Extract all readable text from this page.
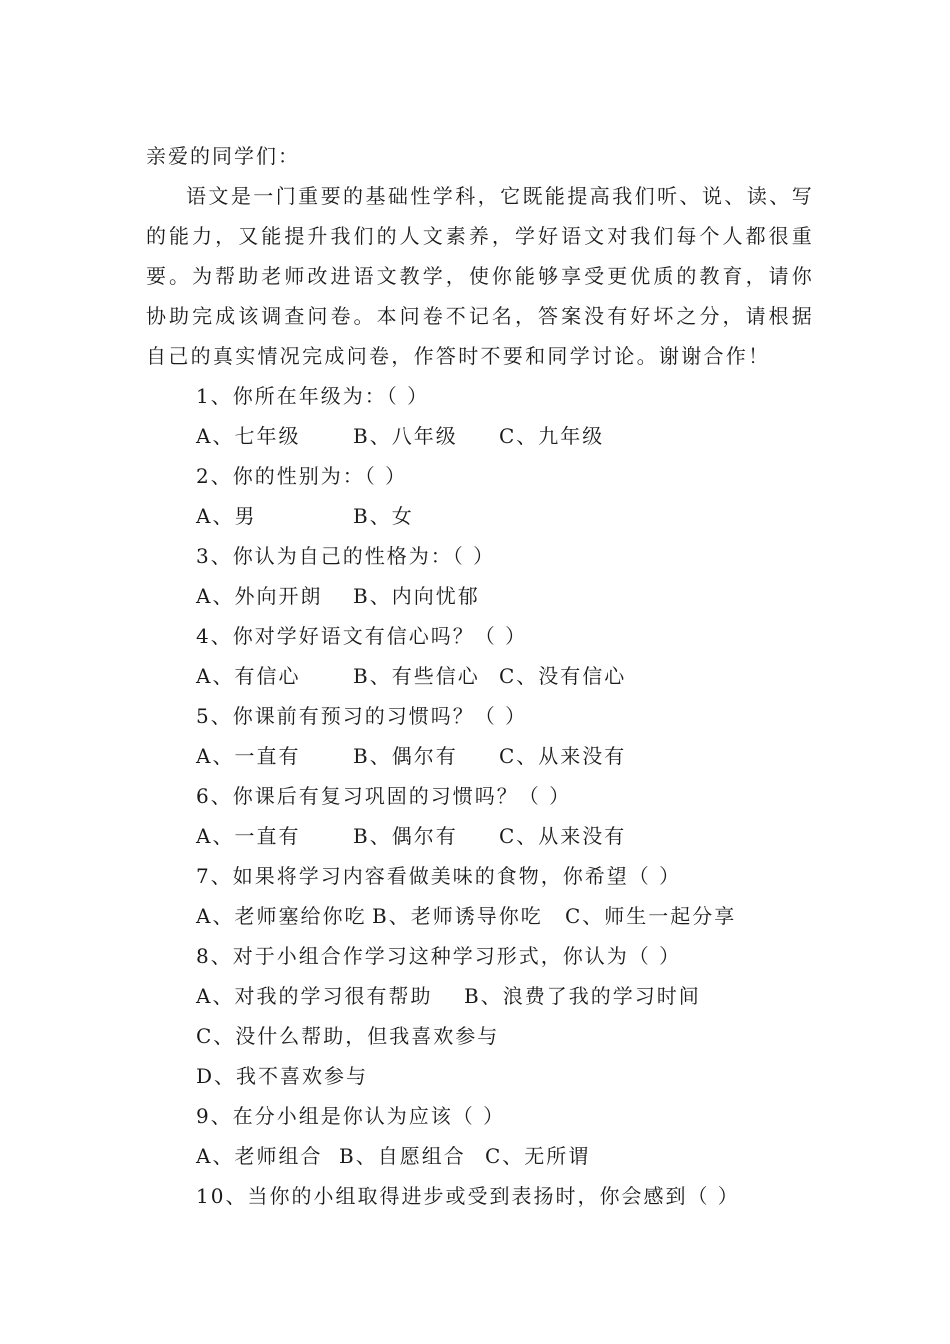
亲爱的同学们：
语文是一门重要的基础性学科，它既能提高我们听、说、读、写的能力，又能提升我们的人文素养，学好语文对我们每个人都很重要。为帮助老师改进语文教学，使你能够享受更优质的教育，请你协助完成该调查问卷。本问卷不记名，答案没有好坏之分，请根据自己的真实情况完成问卷，作答时不要和同学讨论。谢谢合作！
1、你所在年级为：（ ）
A、七年级	B、八年级 C、九年级
2、你的性别为：（ ）
A、男	B、女
3、你认为自己的性格为：（ ）
A、外向开朗 B、内向忧郁
4、你对学好语文有信心吗？（ ）
A、有信心	B、有些信心 C、没有信心
5、你课前有预习的习惯吗？（ ）
A、一直有	B、偶尔有 C、从来没有
6、你课后有复习巩固的习惯吗？（ ）
A、一直有	B、偶尔有 C、从来没有
7、如果将学习内容看做美味的食物，你希望（ ）
A、老师塞给你吃 B、老师诱导你吃 C、师生一起分享
8、对于小组合作学习这种学习形式，你认为（ ）
A、对我的学习很有帮助 B、浪费了我的学习时间
C、没什么帮助，但我喜欢参与
D、我不喜欢参与
9、在分小组是你认为应该（ ）
A、老师组合 B、自愿组合 C、无所谓
10、当你的小组取得进步或受到表扬时，你会感到（ ）
